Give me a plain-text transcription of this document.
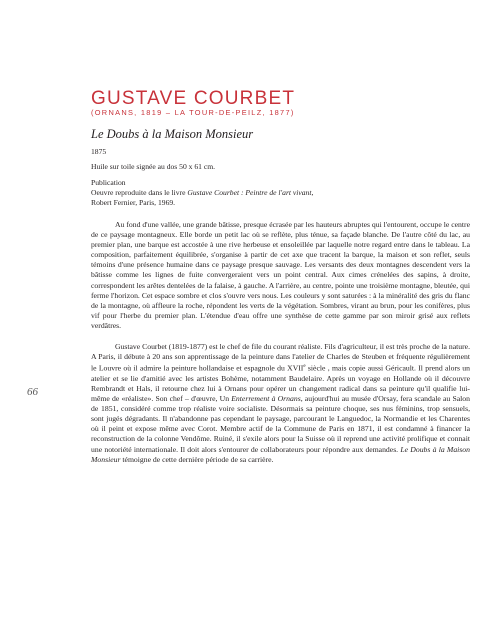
GUSTAVE COURBET
(ORNANS, 1819 – LA TOUR-DE-PEILZ, 1877)
Le Doubs à la Maison Monsieur
1875
Huile sur toile signée au dos 50 x 61 cm.
Publication
Oeuvre reproduite dans le livre Gustave Courbet : Peintre de l'art vivant,
Robert Fernier, Paris, 1969.

Au fond d'une vallée, une grande bâtisse, presque écrasée par les hauteurs abruptes qui l'entourent, occupe le centre de ce paysage montagneux. Elle borde un petit lac où se reflète, plus ténue, sa façade blanche. De l'autre côté du lac, au premier plan, une barque est accostée à une rive herbeuse et ensoleillée par laquelle notre regard entre dans le tableau. La composition, parfaitement équilibrée, s'organise à partir de cet axe que tracent la barque, la maison et son reflet, seuls témoins d'une présence humaine dans ce paysage presque sauvage. Les versants des deux montagnes descendent vers la bâtisse comme les lignes de fuite convergeraient vers un point central. Aux cimes crénelées des sapins, à droite, correspondent les arêtes dentelées de la falaise, à gauche. A l'arrière, au centre, pointe une troisième montagne, bleutée, qui ferme l'horizon. Cet espace sombre et clos s'ouvre vers nous. Les couleurs y sont saturées : à la minéralité des gris du flanc de la montagne, où affleure la roche, répondent les verts de la végétation. Sombres, virant au brun, pour les conifères, plus vif pour l'herbe du premier plan. L'étendue d'eau offre une synthèse de cette gamme par son miroir grisé aux reflets verdâtres.

Gustave Courbet (1819-1877) est le chef de file du courant réaliste. Fils d'agriculteur, il est très proche de la nature. A Paris, il débute à 20 ans son apprentissage de la peinture dans l'atelier de Charles de Steuben et fréquente régulièrement le Louvre où il admire la peinture hollandaise et espagnole du XVIIe siècle , mais copie aussi Géricault. Il prend alors un atelier et se lie d'amitié avec les artistes Bohème, notamment Baudelaire. Après un voyage en Hollande où il découvre Rembrandt et Hals, il retourne chez lui à Ornans pour opérer un changement radical dans sa peinture qu'il qualifie lui-même de «réaliste». Son chef – d'œuvre, Un Enterrement à Ornans, aujourd'hui au musée d'Orsay, fera scandale au Salon de 1851, considéré comme trop réaliste voire socialiste. Désormais sa peinture choque, ses nus féminins, trop sensuels, sont jugés dégradants. Il n'abandonne pas cependant le paysage, parcourant le Languedoc, la Normandie et les Charentes où il peint et expose même avec Corot. Membre actif de la Commune de Paris en 1871, il est condamné à financer la reconstruction de la colonne Vendôme. Ruiné, il s'exile alors pour la Suisse où il reprend une activité prolifique et connait une notoriété internationale. Il doit alors s'entourer de collaborateurs pour répondre aux demandes. Le Doubs à la Maison Monsieur témoigne de cette dernière période de sa carrière.

66
